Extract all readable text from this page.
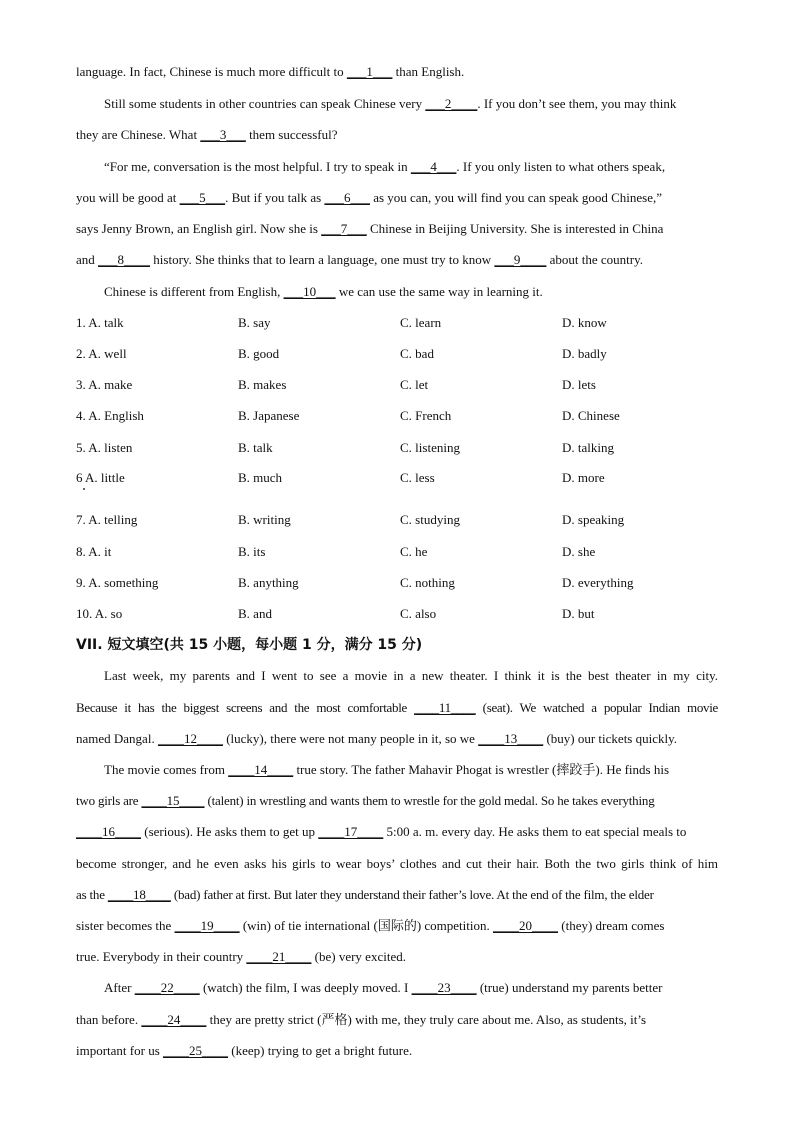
language. In fact, Chinese is much more difficult to ___1___ than English.
Still some students in other countries can speak Chinese very ___2____. If you don’t see them, you may think
they are Chinese. What ___3___ them successful?
“For me, conversation is the most helpful. I try to speak in ___4___. If you only listen to what others speak,
you will be good at ___5___. But if you talk as ___6___ as you can, you will find you can speak good Chinese,”
says Jenny Brown, an English girl. Now she is ___7___ Chinese in Beijing University. She is interested in China
and ___8____ history. She thinks that to learn a language, one must try to know ___9____ about the country.
Chinese is different from English, ___10___ we can use the same way in learning it.
1. A. talk	B. say	C. learn	D. know
2. A. well	B. good	C. bad	D. badly
3. A. make	B. makes	C. let	D. lets
4. A. English	B. Japanese	C. French	D. Chinese
5. A. listen	B. talk	C. listening	D. talking
6 A. little	B. much	C. less	D. more
7. A. telling	B. writing	C. studying	D. speaking
8. A. it	B. its	C. he	D. she
9. A. something	B. anything	C. nothing	D. everything
10. A. so	B. and	C. also	D. but
VII. 短文填空(共 15 小题，每小题 1 分，满分 15 分)
Last week, my parents and I went to see a movie in a new theater. I think it is the best theater in my city.
Because it has the biggest screens and the most comfortable ____11____ (seat). We watched a popular Indian movie
named Dangal. ____12____ (lucky), there were not many people in it, so we ____13____ (buy) our tickets quickly.
The movie comes from ____14____ true story. The father Mahavir Phogat is wrestler (摔跤手). He finds his
two girls are ____15____ (talent) in wrestling and wants them to wrestle for the gold medal. So he takes everything
____16____ (serious). He asks them to get up ____17____ 5:00 a. m. every day. He asks them to eat special meals to
become stronger, and he even asks his girls to wear boys’ clothes and cut their hair. Both the two girls think of him
as the ____18____ (bad) father at first. But later they understand their father’s love. At the end of the film, the elder
sister becomes the ____19____ (win) of tie international (国际的) competition. ____20____ (they) dream comes
true. Everybody in their country ____21____ (be) very excited.
After ____22____ (watch) the film, I was deeply moved. I ____23____ (true) understand my parents better
than before. ____24____ they are pretty strict (严格) with me, they truly care about me. Also, as students, it’s
important for us ____25____ (keep) trying to get a bright future.
